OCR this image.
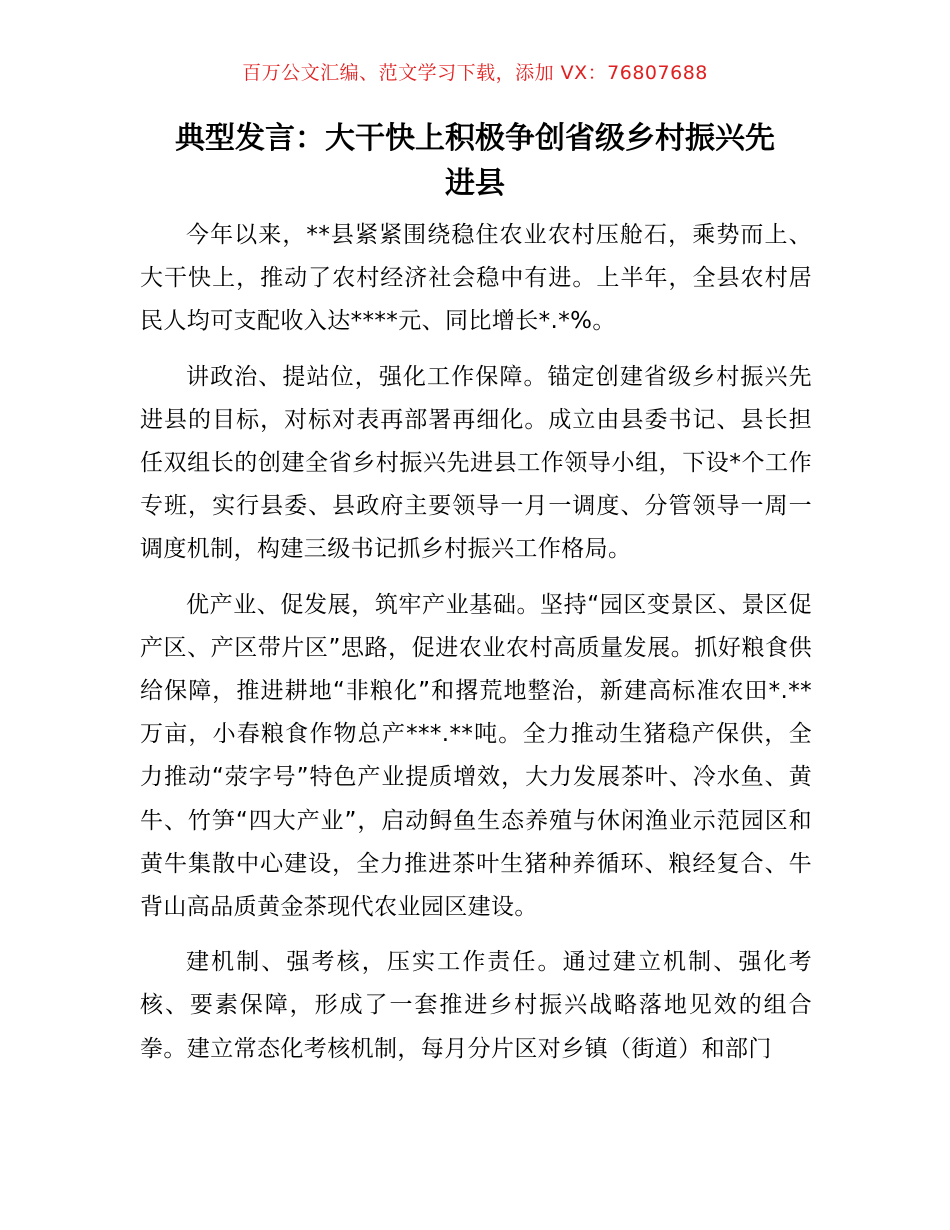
百万公文汇编、范文学习下载，添加 VX：76807688
典型发言：大干快上积极争创省级乡村振兴先
进县

今年以来，**县紧紧围绕稳住农业农村压舱石，乘势而上、大干快上，推动了农村经济社会稳中有进。上半年，全县农村居民人均可支配收入达****元、同比增长*.*%。

讲政治、提站位，强化工作保障。锚定创建省级乡村振兴先进县的目标，对标对表再部署再细化。成立由县委书记、县长担任双组长的创建全省乡村振兴先进县工作领导小组，下设*个工作专班，实行县委、县政府主要领导一月一调度、分管领导一周一调度机制，构建三级书记抓乡村振兴工作格局。

优产业、促发展，筑牢产业基础。坚持“园区变景区、景区促产区、产区带片区”思路，促进农业农村高质量发展。抓好粮食供给保障，推进耕地“非粮化”和撂荒地整治，新建高标准农田*.**万亩，小春粮食作物总产***.**吨。全力推动生猪稳产保供，全力推动“荥字号”特色产业提质增效，大力发展茶叶、冷水鱼、黄牛、竹笋“四大产业”，启动鲟鱼生态养殖与休闲渔业示范园区和黄牛集散中心建设，全力推进茶叶生猪种养循环、粮经复合、牛背山高品质黄金茶现代农业园区建设。

建机制、强考核，压实工作责任。通过建立机制、强化考核、要素保障，形成了一套推进乡村振兴战略落地见效的组合拳。建立常态化考核机制，每月分片区对乡镇（街道）和部门
